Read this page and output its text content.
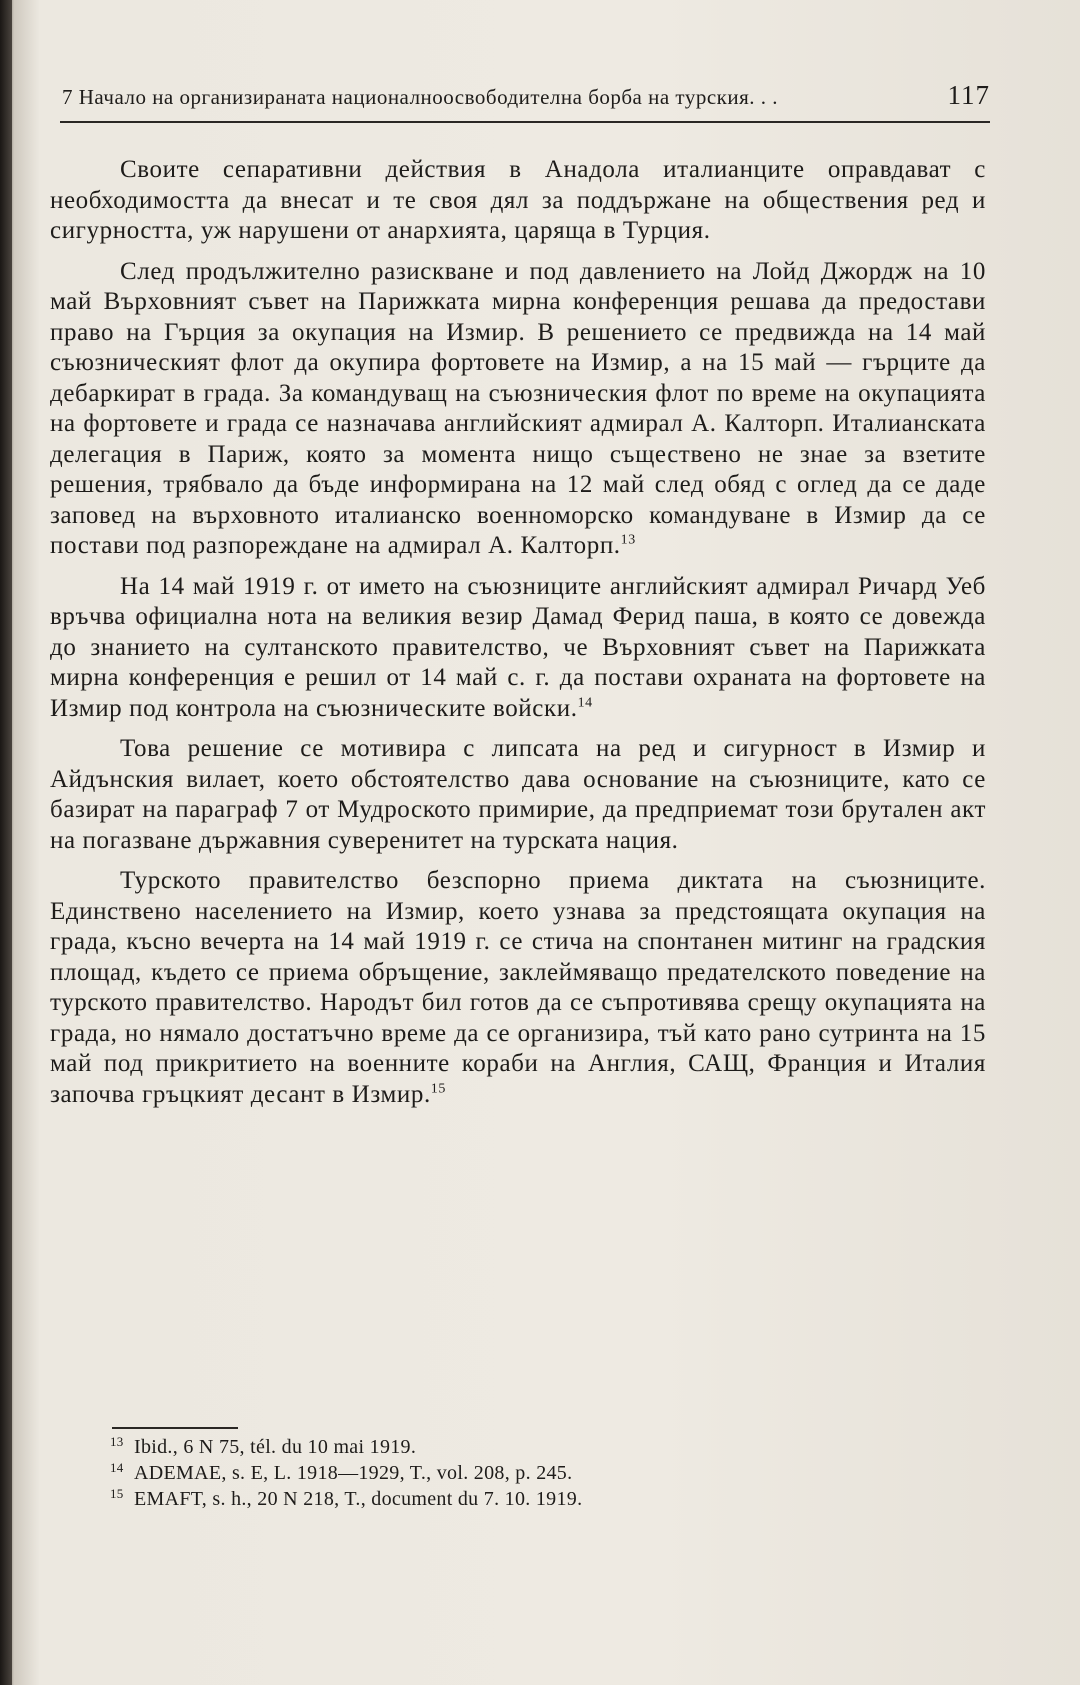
7 Начало на организираната националноосвободителна борба на турския. . .	117

Своите сепаративни действия в Анадола италианците оправдават с необходимостта да внесат и те своя дял за поддържане на обществения ред и сигурността, уж нарушени от анархията, цаpяща в Турция.

След продължително разискване и под давлението на Лойд Джордж на 10 май Върховният съвет на Парижката мирна конференция решава да предостави право на Гърция за окупация на Измир. В решението се предвижда на 14 май съюзническият флот да окупира фортовете на Измир, а на 15 май — гърците да дебаркират в града. За командуващ на съюзническия флот по време на окупацията на фортовете и града се назначава английският адмирал А. Калторп. Италианската делегация в Париж, която за момента нищо съществено не знае за взетите решения, трябвало да бъде информирана на 12 май след обяд с оглед да се даде заповед на върховното италианско военноморско командуване в Измир да се постави под разпореждане на адмирал А. Калторп.$^{13}$

На 14 май 1919 г. от името на съюзниците английският адмирал Ричард Уеб връчва официална нота на великия везир Дамад Ферид паша, в която се довежда до знанието на султанското правителство, че Върховният съвет на Парижката мирна конференция е решил от 14 май с. г. да постави охраната на фортовете на Измир под контрола на съюзническите войски.$^{14}$

Това решение се мотивира с липсата на ред и сигурност в Измир и Айдънския вилает, което обстоятелство дава основание на съюзниците, като се базират на параграф 7 от Мудроското примирие, да предприемат този брутален акт на погазване държавния суверенитет на турската нация.

Турското правителство безспорно приема диктата на съюзниците. Единствено населението на Измир, което узнава за предстоящата окупация на града, късно вечерта на 14 май 1919 г. се стича на спонтанен митинг на градския площад, където се приема обръщение, заклеймяващо предателското поведение на турското правителство. Народът бил готов да се съпротивява срещу окупацията на града, но нямало достатъчно време да се организира, тъй като рано сутринта на 15 май под прикритието на военните кораби на Англия, САЩ, Франция и Италия започва гръцкият десант в Измир.$^{15}$

13 Ibid., 6 N 75, tél. du 10 mai 1919.
14 ADEMAE, s. E, L. 1918—1929, T., vol. 208, p. 245.
15 EMAFT, s. h., 20 N 218, T., document du 7. 10. 1919.
